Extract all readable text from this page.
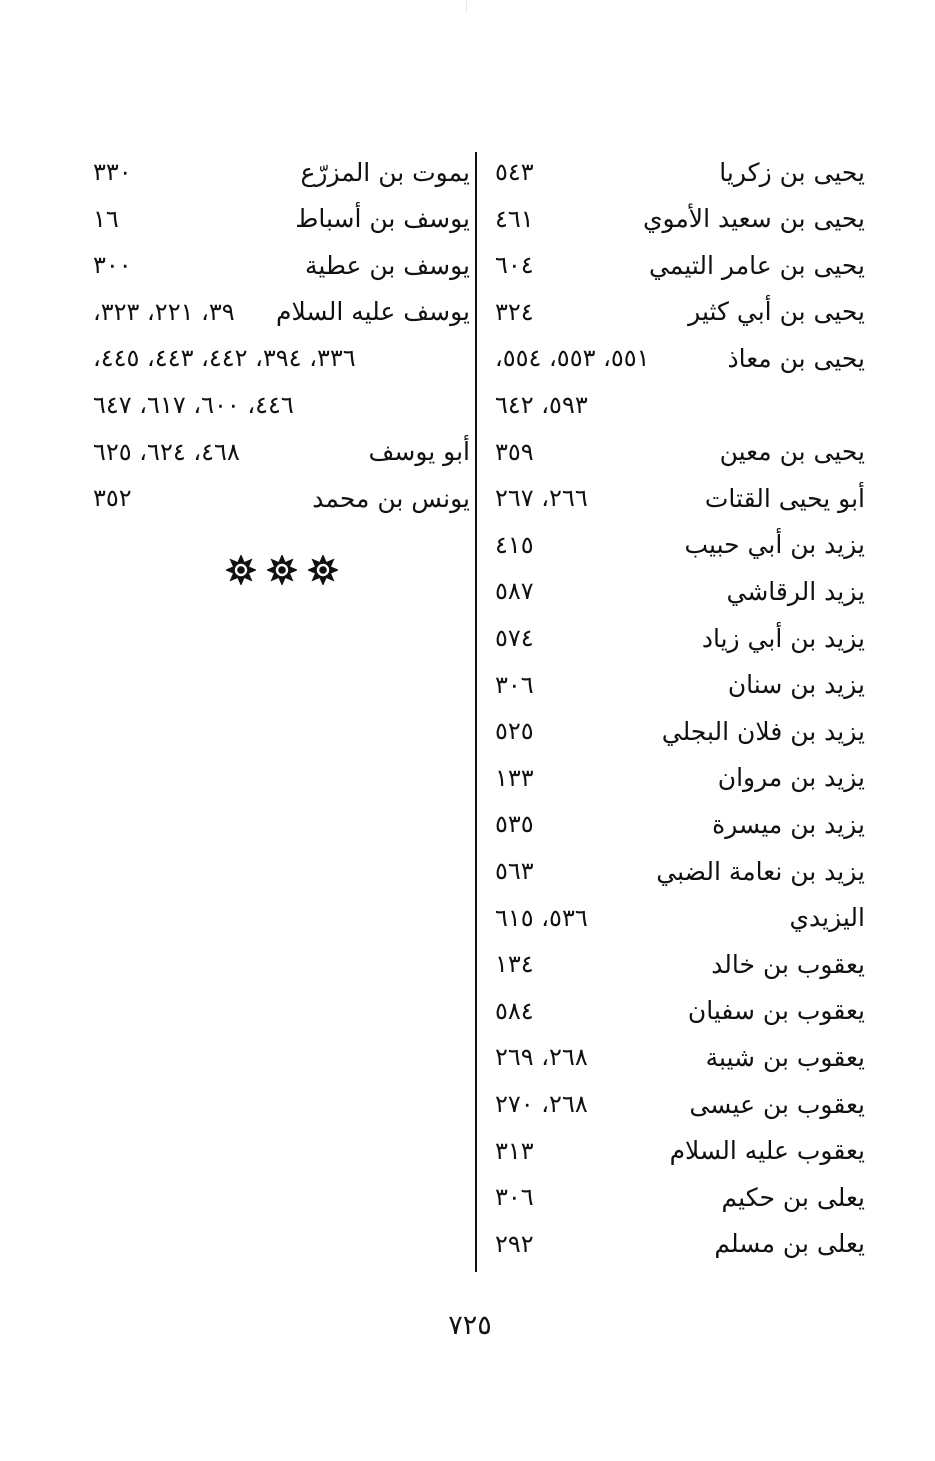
يحيى بن زكريا
٥٤٣
يحيى بن سعيد الأموي
٤٦١
يحيى بن عامر التيمي
٦٠٤
يحيى بن أبي كثير
٣٢٤
يحيى بن معاذ
٥٥١، ٥٥٣، ٥٥٤،
٥٩٣، ٦٤٢
يحيى بن معين
٣٥٩
أبو يحيى القتات
٢٦٦، ٢٦٧
يزيد بن أبي حبيب
٤١٥
يزيد الرقاشي
٥٨٧
يزيد بن أبي زياد
٥٧٤
يزيد بن سنان
٣٠٦
يزيد بن فلان البجلي
٥٢٥
يزيد بن مروان
١٣٣
يزيد بن ميسرة
٥٣٥
يزيد بن نعامة الضبي
٥٦٣
اليزيدي
٥٣٦، ٦١٥
يعقوب بن خالد
١٣٤
يعقوب بن سفيان
٥٨٤
يعقوب بن شيبة
٢٦٨، ٢٦٩
يعقوب بن عيسى
٢٦٨، ٢٧٠
يعقوب عليه السلام
٣١٣
يعلى بن حكيم
٣٠٦
يعلى بن مسلم
٢٩٢
يموت بن المزرّع
٣٣٠
يوسف بن أسباط
١٦
يوسف بن عطية
٣٠٠
يوسف عليه السلام
٣٩، ٢٢١، ٣٢٣،
٣٣٦، ٣٩٤، ٤٤٢، ٤٤٣، ٤٤٥،
٤٤٦، ٦٠٠، ٦١٧، ٦٤٧
أبو يوسف
٤٦٨، ٦٢٤، ٦٢٥
يونس بن محمد
٣٥٢
٧٢٥
